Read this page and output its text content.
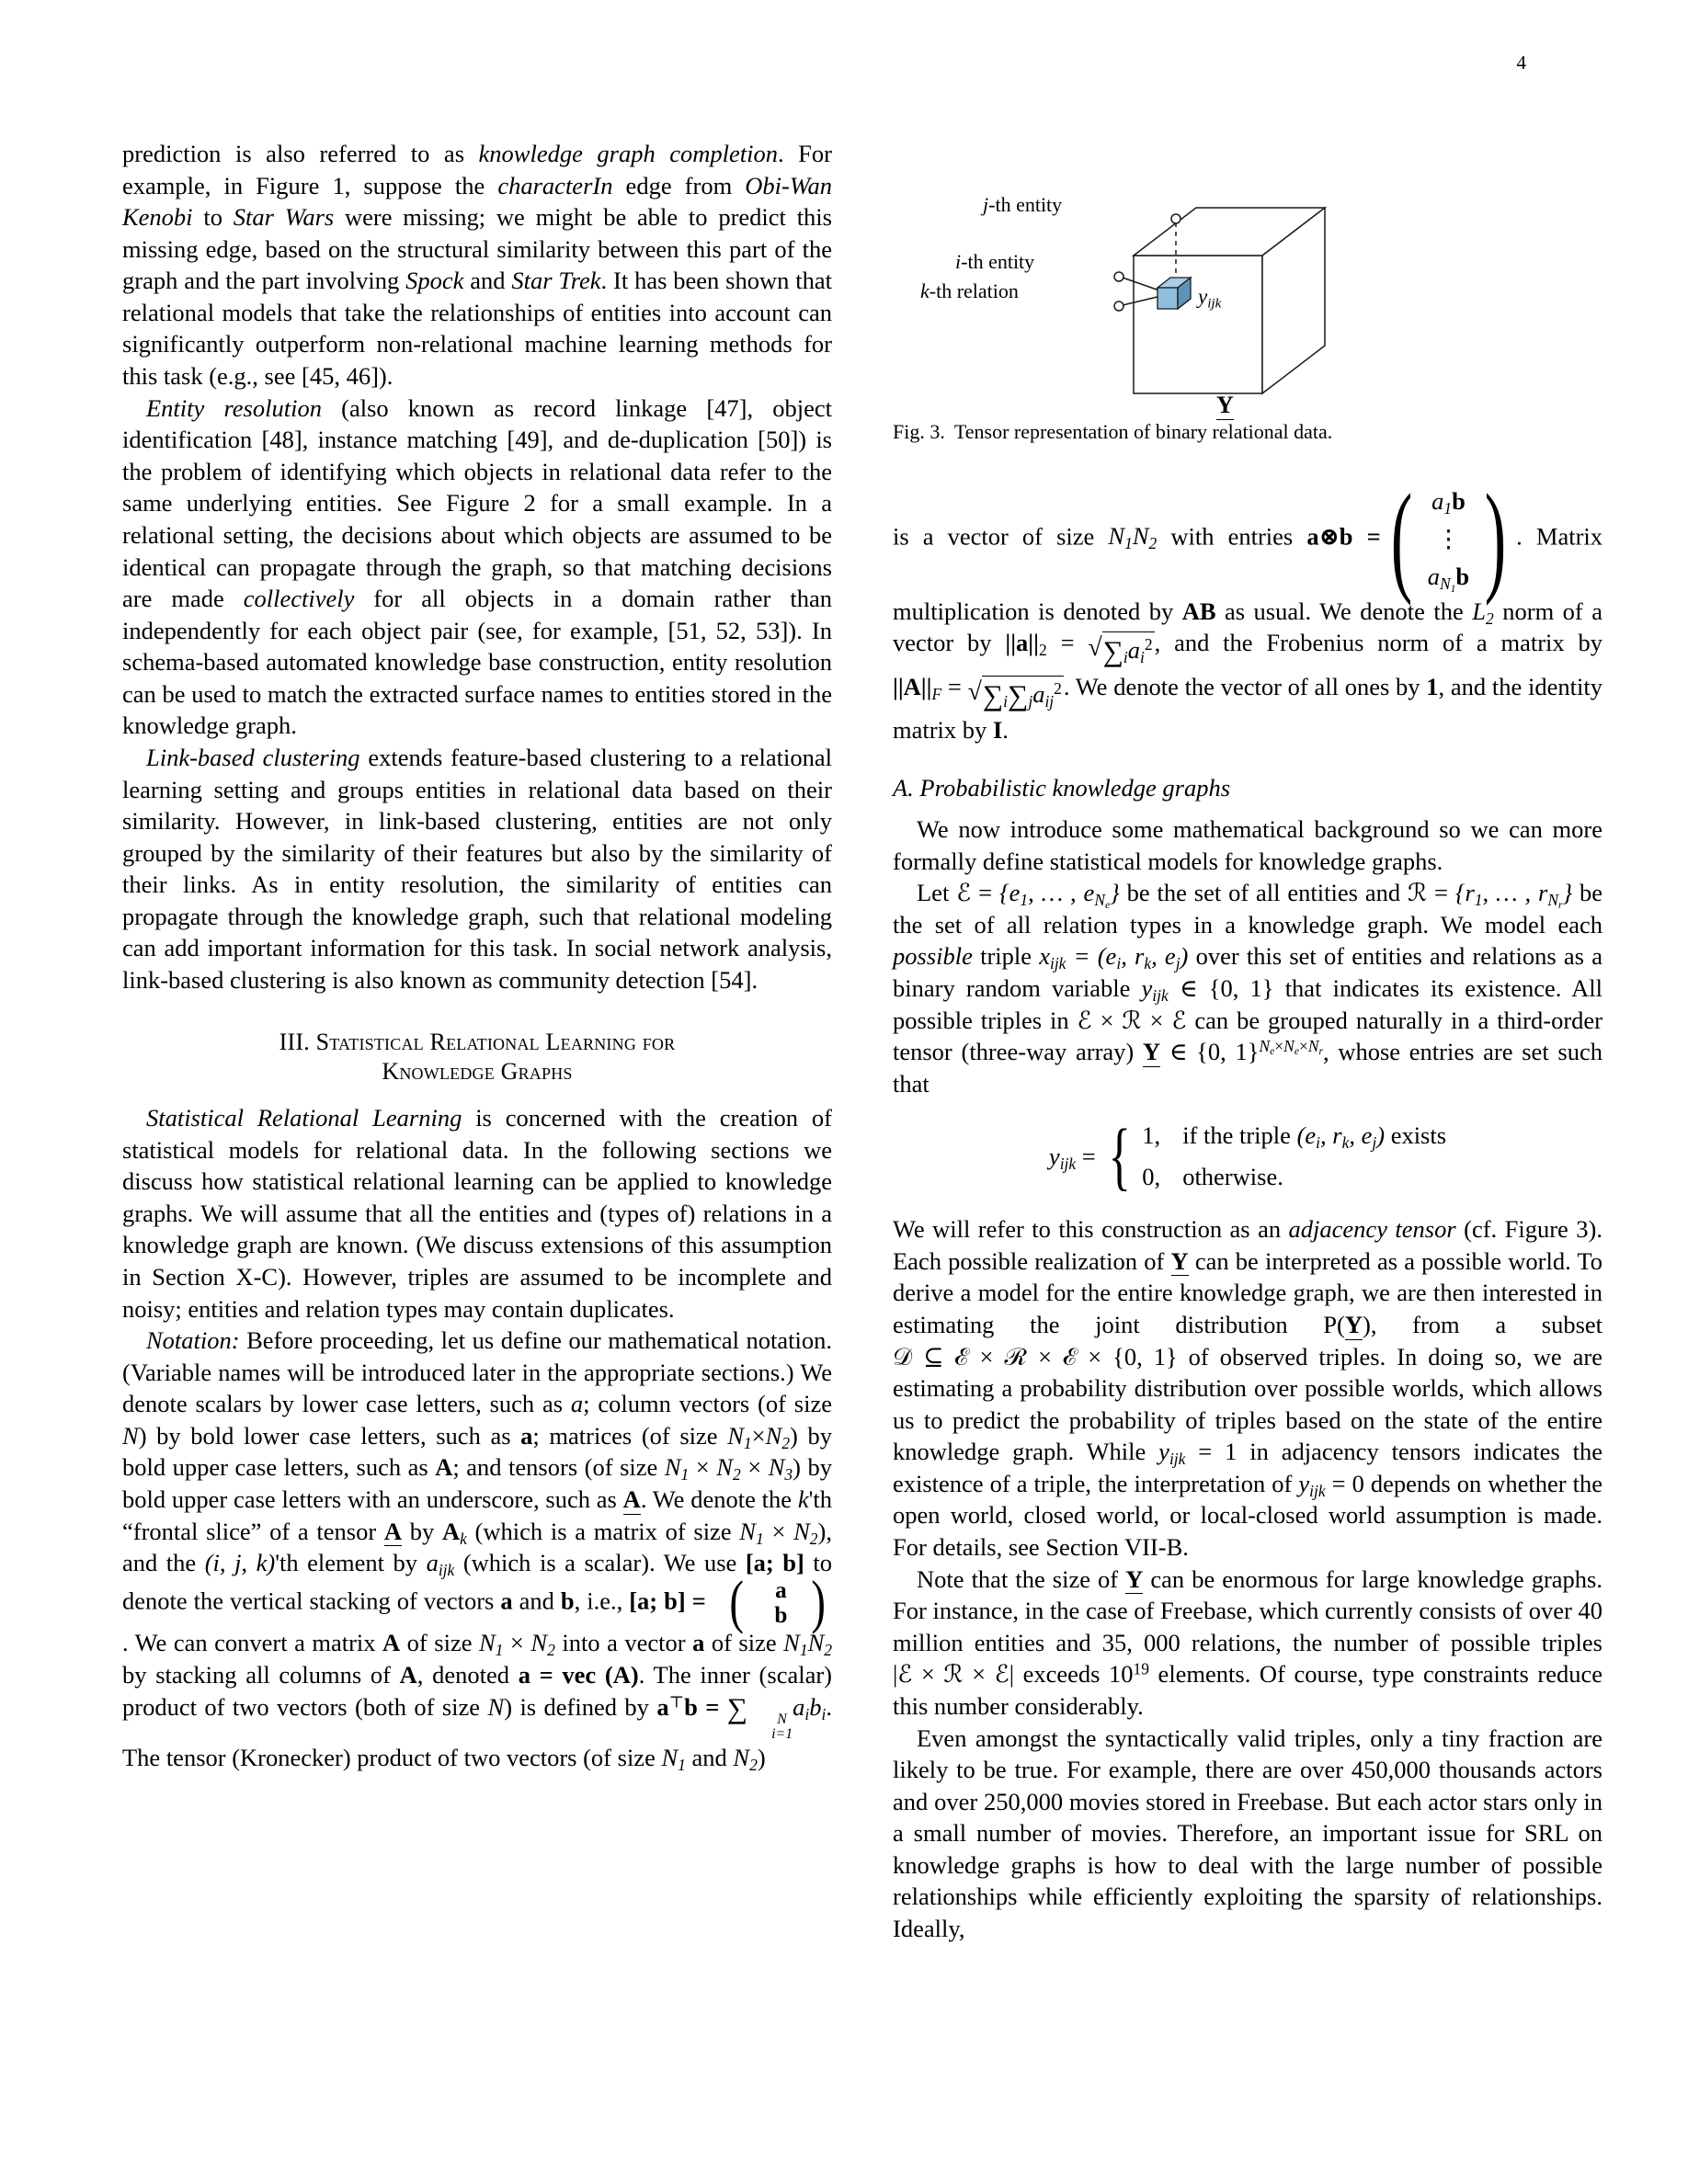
4

prediction is also referred to as knowledge graph completion. For example, in Figure 1, suppose the characterIn edge from Obi-Wan Kenobi to Star Wars were missing; we might be able to predict this missing edge, based on the structural similarity between this part of the graph and the part involving Spock and Star Trek. It has been shown that relational models that take the relationships of entities into account can significantly outperform non-relational machine learning methods for this task (e.g., see [45, 46]).

Entity resolution (also known as record linkage [47], object identification [48], instance matching [49], and de-duplication [50]) is the problem of identifying which objects in relational data refer to the same underlying entities. See Figure 2 for a small example. In a relational setting, the decisions about which objects are assumed to be identical can propagate through the graph, so that matching decisions are made collectively for all objects in a domain rather than independently for each object pair (see, for example, [51, 52, 53]). In schema-based automated knowledge base construction, entity resolution can be used to match the extracted surface names to entities stored in the knowledge graph.

Link-based clustering extends feature-based clustering to a relational learning setting and groups entities in relational data based on their similarity. However, in link-based clustering, entities are not only grouped by the similarity of their features but also by the similarity of their links. As in entity resolution, the similarity of entities can propagate through the knowledge graph, such that relational modeling can add important information for this task. In social network analysis, link-based clustering is also known as community detection [54].

III. Statistical Relational Learning for
Knowledge Graphs

Statistical Relational Learning is concerned with the creation of statistical models for relational data. In the following sections we discuss how statistical relational learning can be applied to knowledge graphs. We will assume that all the entities and (types of) relations in a knowledge graph are known. (We discuss extensions of this assumption in Section X-C). However, triples are assumed to be incomplete and noisy; entities and relation types may contain duplicates.

Notation: Before proceeding, let us define our mathematical notation. (Variable names will be introduced later in the appropriate sections.) We denote scalars by lower case letters, such as a; column vectors (of size N) by bold lower case letters, such as a; matrices (of size $N_1\times N_2$) by bold upper case letters, such as A; and tensors (of size $N_1 \times N_2 \times N_3$) by bold upper case letters with an underscore, such as A. We denote the k'th “frontal slice” of a tensor A by $A_k$ (which is a matrix of size $N_1 \times N_2$), and the (i, j, k)'th element by $a_{ijk}$ (which is a scalar). We use [a; b] to denote the vertical stacking of vectors a and b, i.e., [a; b] = (	a
b )
. We can convert a matrix A of size $N_1 \times N_2$ into a vector a of size $N_1N_2$ by stacking all columns of A, denoted a = vec (A). The inner (scalar) product of two vectors (both of size N) is defined by a⊤b = ∑	N
i=1
$a_ib_i$. The tensor (Kronecker) product of two vectors (of size $N_1$ and $N_2$)

j-th entity
i-th entity
k-th relation	$y_{ijk}$
Y
Fig. 3. Tensor representation of binary relational data.

is a vector of size $N_1N_2$ with entries a⊗b = ( $a_1b$
⋮
$a_{N_1}b$ ) . Matrix multiplication is denoted by AB as usual. We denote the $L_2$ norm of a vector by $||a||_2$ = √ $\sum_ia_i^2$ , and the Frobenius norm of a matrix by $||A||_F$ = √ $\sum_i\sum_ja_{ij}^2$ . We denote the vector of all ones by 1, and the identity matrix by I.

A. Probabilistic knowledge graphs

We now introduce some mathematical background so we can more formally define statistical models for knowledge graphs.

Let ℰ = {$e_1$, … , $e_{N_e}$} be the set of all entities and ℛ = {$r_1$, … , $r_{N_r}$} be the set of all relation types in a knowledge graph. We model each possible triple $x_{ijk} = (e_i$, $r_k$, $e_j$) over this set of entities and relations as a binary random variable $y_{ijk}$ ∈ {0, 1} that indicates its existence. All possible triples in ℰ × ℛ × ℰ can be grouped naturally in a third-order tensor (three-way array) Y ∈ {0, 1}$^{N_e\times N_e\times N_r}$, whose entries are set such that

$y_{ijk}$ = { 1, if the triple ($e_i$, $r_k$, $e_j$) exists
0, otherwise.

We will refer to this construction as an adjacency tensor (cf. Figure 3). Each possible realization of Y can be interpreted as a possible world. To derive a model for the entire knowledge graph, we are then interested in estimating the joint distribution P(Y), from a subset 𝒟 ⊆ ℰ × ℛ × ℰ × {0, 1} of observed triples. In doing so, we are estimating a probability distribution over possible worlds, which allows us to predict the probability of triples based on the state of the entire knowledge graph. While $y_{ijk} = 1$ in adjacency tensors indicates the existence of a triple, the interpretation of $y_{ijk} = 0$ depends on whether the open world, closed world, or local-closed world assumption is made. For details, see Section VII-B.

Note that the size of Y can be enormous for large knowledge graphs. For instance, in the case of Freebase, which currently consists of over 40 million entities and 35, 000 relations, the number of possible triples |ℰ × ℛ × ℰ| exceeds $10^{19}$ elements. Of course, type constraints reduce this number considerably.

Even amongst the syntactically valid triples, only a tiny fraction are likely to be true. For example, there are over 450,000 thousands actors and over 250,000 movies stored in Freebase. But each actor stars only in a small number of movies. Therefore, an important issue for SRL on knowledge graphs is how to deal with the large number of possible relationships while efficiently exploiting the sparsity of relationships. Ideally,
